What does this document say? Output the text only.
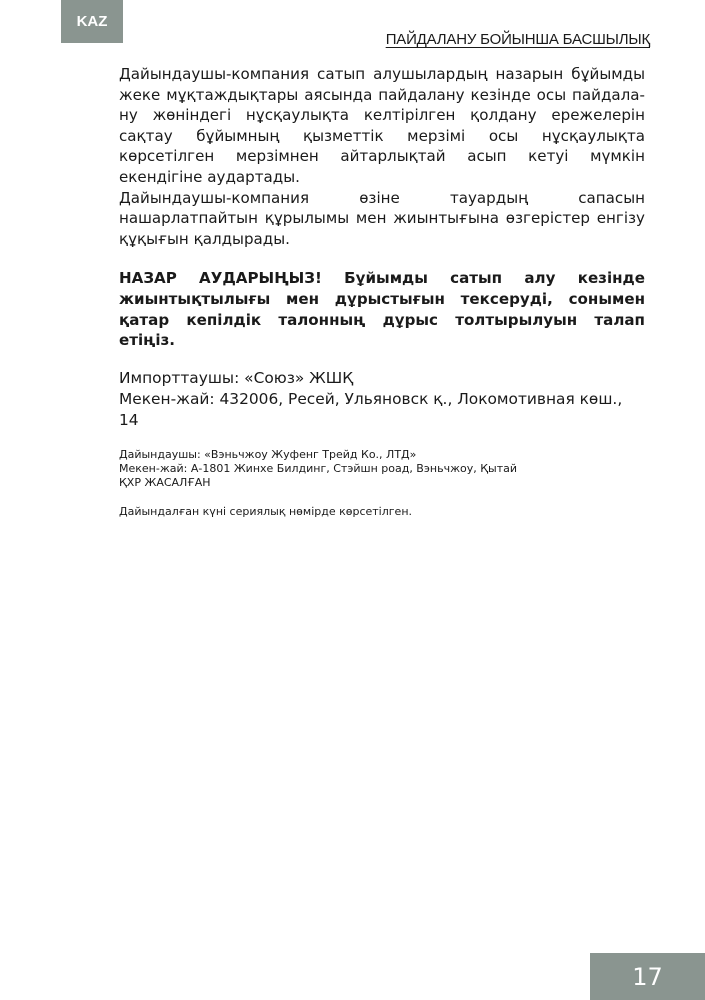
KAZ
ПАЙДАЛАНУ БОЙЫНША БАСШЫЛЫҚ

Дайындаушы-компания сатып алушылардың назарын бұйымды жеке мұқтаждықтары аясында пайдалану кезінде осы пайдала- ну жөніндегі нұсқаулықта келтірілген қолдану ережелерін сақтау бұйымның қызметтік мерзімі осы нұсқаулықта көрсетілген мерзімнен айтарлықтай асып кетуі мүмкін екендігіне аудартады.

Дайындаушы-компания өзіне тауардың сапасын нашарлатпайтын құрылымы мен жиынтығына өзгерістер енгізу құқығын қалдырады.

НАЗАР АУДАРЫҢЫЗ! Бұйымды сатып алу кезінде жиынтықтылығы мен дұрыстығын тексеруді, сонымен қатар кепілдік талонның дұрыс толтырылуын талап етіңіз.

Импорттаушы: «Союз» ЖШҚ
Мекен-жай: 432006, Ресей, Ульяновск қ., Локомотивная көш., 14
Дайындаушы: «Вэньчжоу Жуфенг Трейд Ко., ЛТД»
Мекен-жай: А-1801 Жинхе Билдинг, Стэйшн роад, Вэньчжоу, Қытай
ҚХР ЖАСАЛҒАН
Дайындалған күні сериялық нөмірде көрсетілген.
17
